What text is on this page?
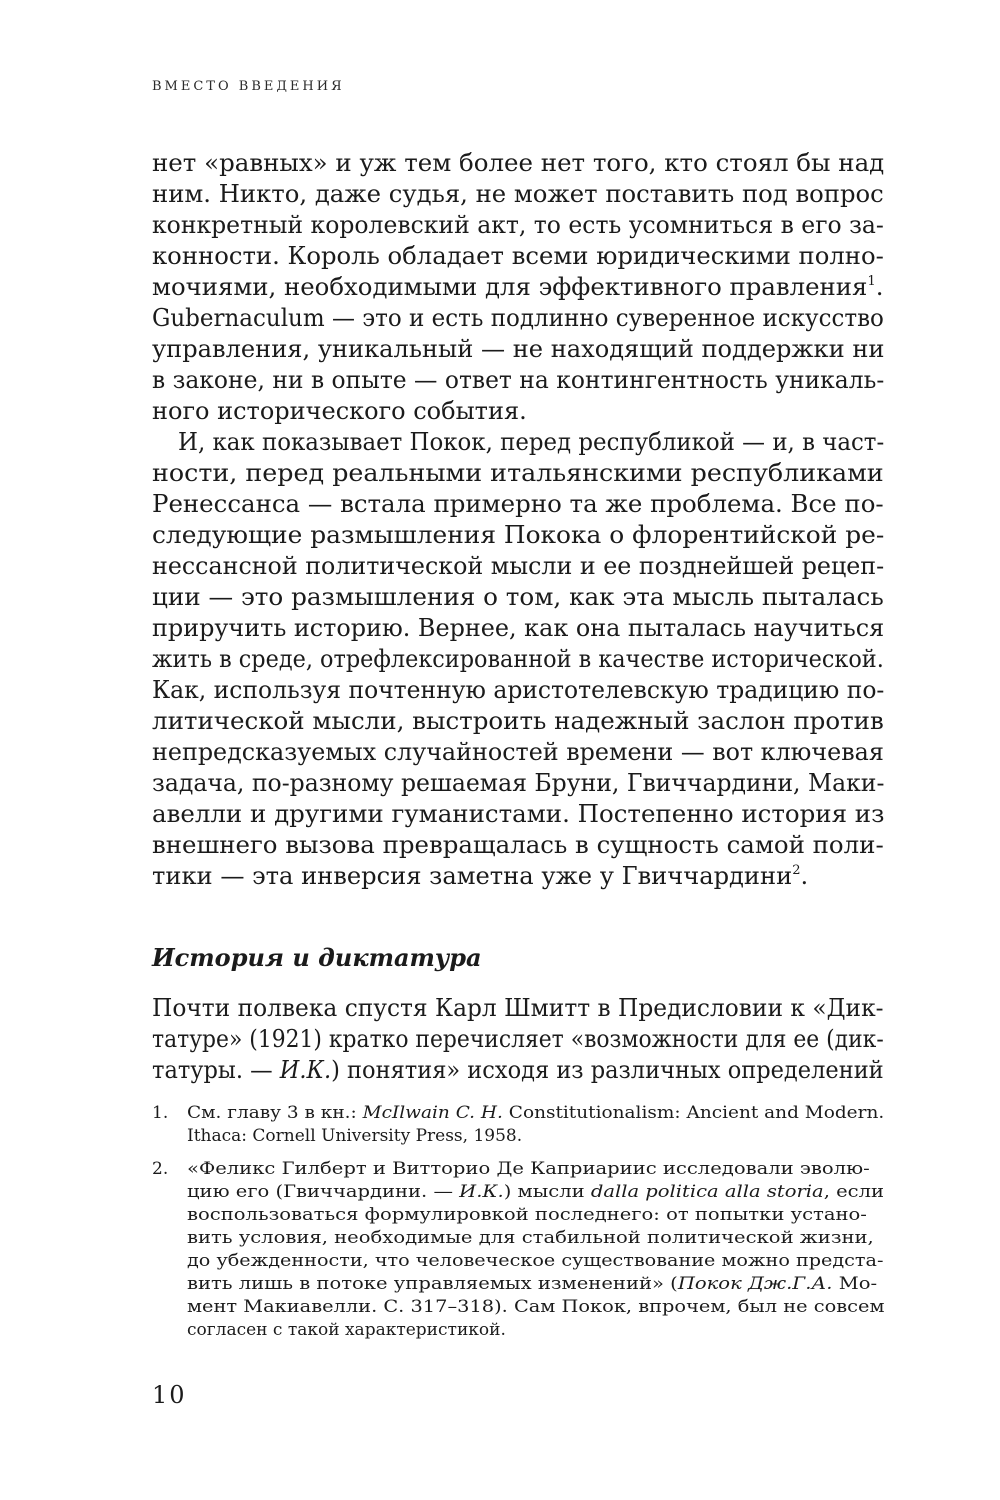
ВМЕСТО ВВЕДЕНИЯ

нет «равных» и уж тем более нет того, кто стоял бы над

ним. Никто, даже судья, не может поставить под вопрос

конкретный королевский акт, то есть усомниться в его за-

конности. Король обладает всеми юридическими полно-

мочиями, необходимыми для эффективного правления$^1$.

Gubernaculum — это и есть подлинно суверенное искусство

управления, уникальный — не находящий поддержки ни

в законе, ни в опыте — ответ на контингентность уникаль-

ного исторического события.

И, как показывает Покок, перед республикой — и, в част-

ности, перед реальными итальянскими республиками

Ренессанса — встала примерно та же проблема. Все по-

следующие размышления Покока о флорентийской ре-

нессансной политической мысли и ее позднейшей рецеп-

ции — это размышления о том, как эта мысль пыталась

приручить историю. Вернее, как она пыталась научиться

жить в среде, отрефлексированной в качестве исторической.

Как, используя почтенную аристотелевскую традицию по-

литической мысли, выстроить надежный заслон против

непредсказуемых случайностей времени — вот ключевая

задача, по-разному решаемая Бруни, Гвиччардини, Маки-

авелли и другими гуманистами. Постепенно история из

внешнего вызова превращалась в сущность самой поли-

тики — эта инверсия заметна уже у Гвиччардини$^2$.

История и диктатура

Почти полвека спустя Карл Шмитт в Предисловии к «Дик-

татуре» (1921) кратко перечисляет «возможности для ее (дик-

татуры. — И.К.) понятия» исходя из различных определений

1. См. главу 3 в кн.: McIlwain C. H. Constitutionalism: Ancient and Modern.

Ithaca: Cornell University Press, 1958.

2. «Феликс Гилберт и Витторио Де Каприариис исследовали эволю-

цию его (Гвиччардини. — И.К.) мысли dalla politica alla storia, если

воспользоваться формулировкой последнего: от попытки устано-

вить условия, необходимые для стабильной политической жизни,

до убежденности, что человеческое существование можно предста-

вить лишь в потоке управляемых изменений» (Покок Дж.Г.А. Мо-

мент Макиавелли. С. 317–318). Сам Покок, впрочем, был не совсем

согласен с такой характеристикой.

10
